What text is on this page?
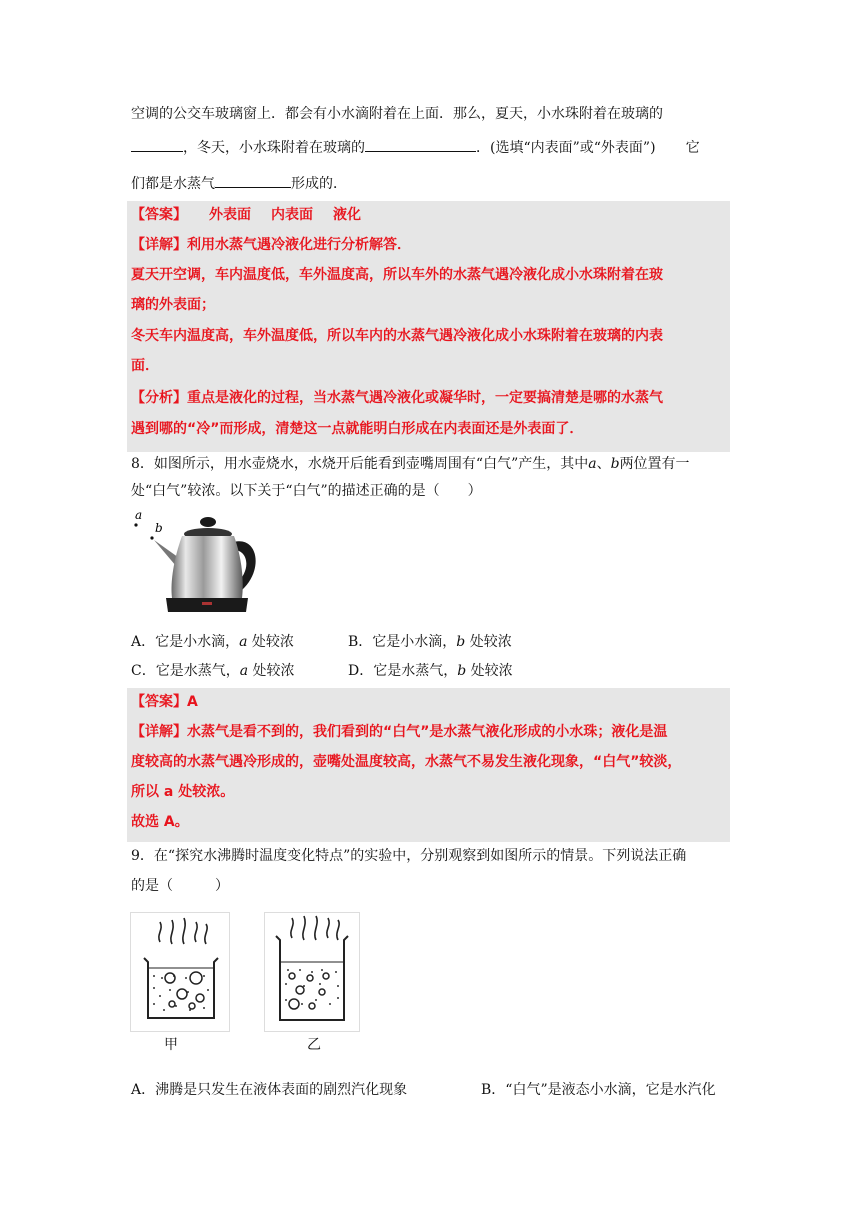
空调的公交车玻璃窗上．都会有小水滴附着在上面．那么，夏天，小水珠附着在玻璃的
，冬天，小水珠附着在玻璃的	．(选填“内表面”或“外表面”) 它
们都是水蒸气	形成的．
【答案】 外表面 内表面 液化
【详解】利用水蒸气遇冷液化进行分析解答．
夏天开空调，车内温度低，车外温度高，所以车外的水蒸气遇冷液化成小水珠附着在玻
璃的外表面；
冬天车内温度高，车外温度低，所以车内的水蒸气遇冷液化成小水珠附着在玻璃的内表
面．
【分析】重点是液化的过程，当水蒸气遇冷液化或凝华时，一定要搞清楚是哪的水蒸气
遇到哪的“冷”而形成，清楚这一点就能明白形成在内表面还是外表面了．
8．如图所示，用水壶烧水，水烧开后能看到壶嘴周围有“白气”产生，其中a、b两位置有一
处“白气”较浓。以下关于“白气”的描述正确的是（　　）
a
b
A．它是小水滴，a 处较浓	B．它是小水滴，b 处较浓
C．它是水蒸气，a 处较浓	D．它是水蒸气，b 处较浓
【答案】A
【详解】水蒸气是看不到的，我们看到的“白气”是水蒸气液化形成的小水珠；液化是温
度较高的水蒸气遇冷形成的，壶嘴处温度较高，水蒸气不易发生液化现象，“白气”较淡，
所以 a 处较浓。
故选 A。
9．在“探究水沸腾时温度变化特点”的实验中，分别观察到如图所示的情景。下列说法正确
的是（　　　）
甲	乙
A．沸腾是只发生在液体表面的剧烈汽化现象	B．“白气”是液态小水滴，它是水汽化
